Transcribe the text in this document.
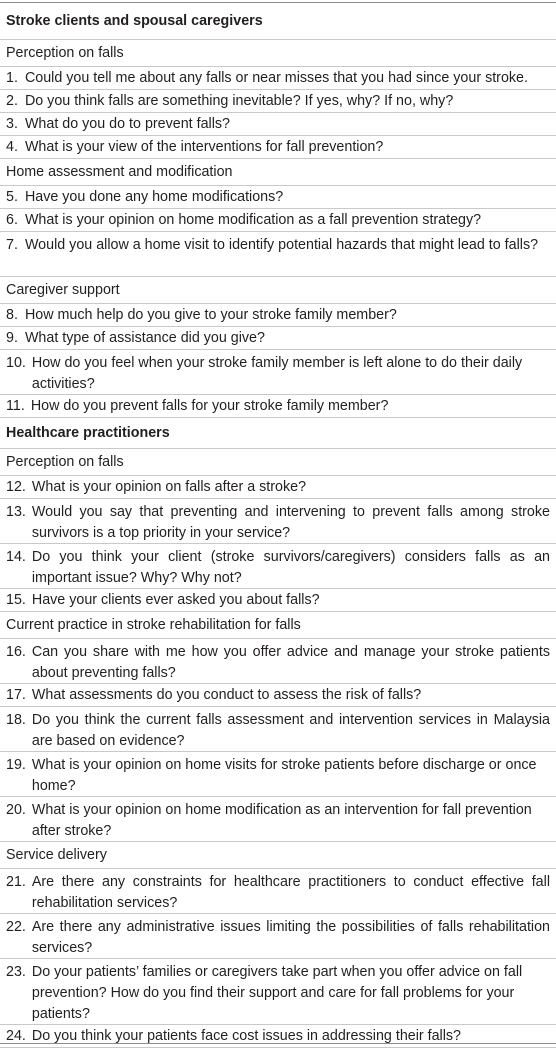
Stroke clients and spousal caregivers
Perception on falls
1. Could you tell me about any falls or near misses that you had since your stroke.
2. Do you think falls are something inevitable? If yes, why? If no, why?
3. What do you do to prevent falls?
4. What is your view of the interventions for fall prevention?
Home assessment and modification
5. Have you done any home modifications?
6. What is your opinion on home modification as a fall prevention strategy?
7. Would you allow a home visit to identify potential hazards that might lead to falls?
Caregiver support
8. How much help do you give to your stroke family member?
9. What type of assistance did you give?
10. How do you feel when your stroke family member is left alone to do their daily activities?
11. How do you prevent falls for your stroke family member?
Healthcare practitioners
Perception on falls
12. What is your opinion on falls after a stroke?
13. Would you say that preventing and intervening to prevent falls among stroke survivors is a top priority in your service?
14. Do you think your client (stroke survivors/caregivers) considers falls as an important issue? Why? Why not?
15. Have your clients ever asked you about falls?
Current practice in stroke rehabilitation for falls
16. Can you share with me how you offer advice and manage your stroke patients about preventing falls?
17. What assessments do you conduct to assess the risk of falls?
18. Do you think the current falls assessment and intervention services in Malaysia are based on evidence?
19. What is your opinion on home visits for stroke patients before discharge or once home?
20. What is your opinion on home modification as an intervention for fall prevention after stroke?
Service delivery
21. Are there any constraints for healthcare practitioners to conduct effective fall rehabilitation services?
22. Are there any administrative issues limiting the possibilities of falls rehabilitation services?
23. Do your patients’ families or caregivers take part when you offer advice on fall prevention? How do you find their support and care for fall problems for your patients?
24. Do you think your patients face cost issues in addressing their falls?
